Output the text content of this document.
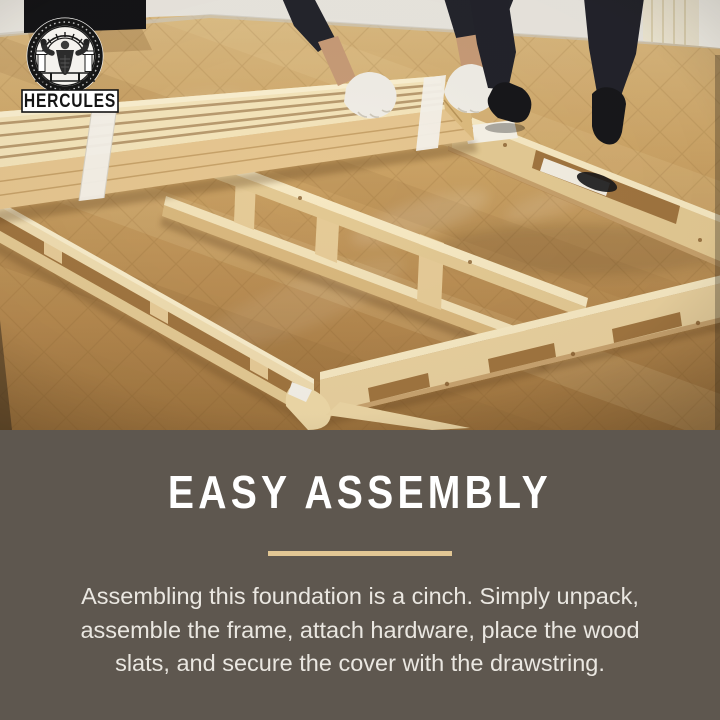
HERCULES
EASY ASSEMBLY

Assembling this foundation is a cinch. Simply unpack,
assemble the frame, attach hardware, place the wood
slats, and secure the cover with the drawstring.
